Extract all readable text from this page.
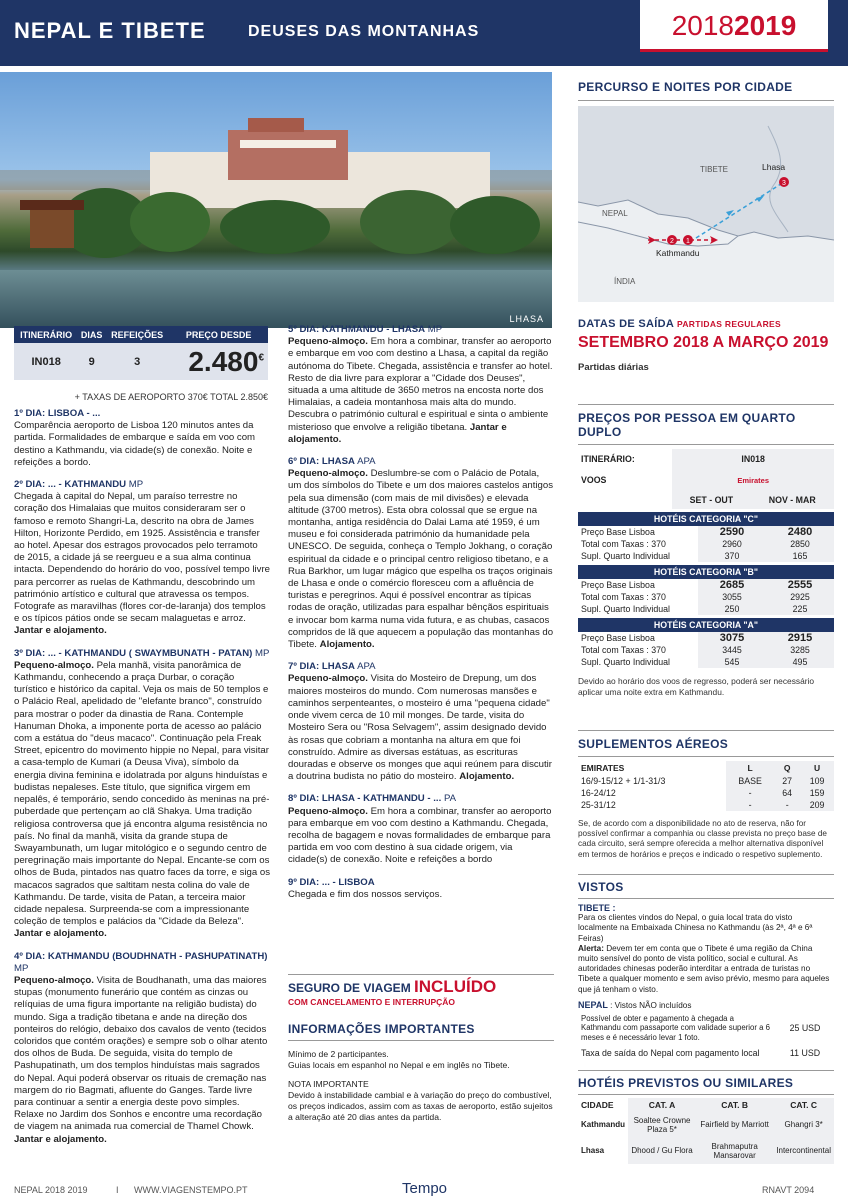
NEPAL E TIBETE	DEUSES DAS MONTANHAS	20182019
LHASA
ITINERÁRIO	DIAS	REFEIÇÕES	PREÇO DESDE
IN018	9	3	2.480€
+ TAXAS DE AEROPORTO 370€ TOTAL 2.850€

1º DIA: LISBOA - ...
Comparência aeroporto de Lisboa 120 minutos antes da partida. Formalidades de embarque e saída em voo com destino a Kathmandu, via cidade(s) de conexão. Noite e refeições a bordo.

2º DIA: ... - KATHMANDU MP
Chegada à capital do Nepal, um paraíso terrestre no coração dos Himalaias que muitos consideraram ser o famoso e remoto Shangri-La, descrito na obra de James Hilton, Horizonte Perdido, em 1925. Assistência e transfer ao hotel. Apesar dos estragos provocados pelo terramoto de 2015, a cidade já se reergueu e a sua alma continua intacta. Dependendo do horário do voo, possível tempo livre para percorrer as ruelas de Kathmandu, descobrindo um património artístico e cultural que atravessa os tempos. Fotografe as maravilhas (flores cor-de-laranja) dos templos e os típicos pátios onde se secam malaguetas e arroz. Jantar e alojamento.

3º DIA: ... - KATHMANDU ( SWAYMBUNATH - PATAN) MP
Pequeno-almoço. Pela manhã, visita panorâmica de Kathmandu, conhecendo a praça Durbar, o coração turístico e histórico da capital. Veja os mais de 50 templos e o Palácio Real, apelidado de "elefante branco", construído para mostrar o poder da dinastia de Rana. Contemple Hanuman Dhoka, a imponente porta de acesso ao palácio com a estátua do "deus macaco". Continuação pela Freak Street, epicentro do movimento hippie no Nepal, para visitar a casa-templo de Kumari (a Deusa Viva), símbolo da energia divina feminina e idolatrada por alguns hinduístas e budistas nepaleses. Este título, que significa virgem em nepalês, é temporário, sendo concedido às meninas na pré-puberdade que pertençam ao clã Shakya. Uma tradição religiosa controversa que já encontra alguma resistência no país. No final da manhã, visita da grande stupa de Swayambunath, um lugar mitológico e o segundo centro de peregrinação mais importante do Nepal. Encante-se com os olhos de Buda, pintados nas quatro faces da torre, e siga os macacos sagrados que saltitam nesta colina do vale de Kathmandu. De tarde, visita de Patan, a terceira maior cidade nepalesa. Surpreenda-se com a impressionante coleção de templos e palácios da "Cidade da Beleza". Jantar e alojamento.

4º DIA: KATHMANDU (BOUDHNATH - PASHUPATINATH) MP
Pequeno-almoço. Visita de Boudhanath, uma das maiores stupas (monumento funerário que contém as cinzas ou relíquias de uma figura importante na religião budista) do mundo. Siga a tradição tibetana e ande na direção dos ponteiros do relógio, debaixo dos cavalos de vento (tecidos coloridos que contém orações) e sempre sob o olhar atento dos olhos de Buda. De seguida, visita do templo de Pashupatinath, um dos templos hinduístas mais sagrados do Nepal. Aqui poderá observar os rituais de cremação nas margem do rio Bagmati, afluente do Ganges. Tarde livre para continuar a sentir a energia deste povo simples. Relaxe no Jardim dos Sonhos e encontre uma recordação de viagem na animada rua comercial de Thamel Chowk. Jantar e alojamento.

5º DIA: KATHMANDU - LHASA MP
Pequeno-almoço. Em hora a combinar, transfer ao aeroporto e embarque em voo com destino a Lhasa, a capital da região autónoma do Tibete. Chegada, assistência e transfer ao hotel. Resto de dia livre para explorar a "Cidade dos Deuses", situada a uma altitude de 3650 metros na encosta norte dos Himalaias, a cadeia montanhosa mais alta do mundo. Descubra o património cultural e espiritual e sinta o ambiente misterioso que envolve a religião tibetana. Jantar e alojamento.

6º DIA: LHASA APA
Pequeno-almoço. Deslumbre-se com o Palácio de Potala, um dos símbolos do Tibete e um dos maiores castelos antigos pela sua dimensão (com mais de mil divisões) e elevada altitude (3700 metros). Esta obra colossal que se ergue na montanha, antiga residência do Dalai Lama até 1959, é um museu e foi considerada património da humanidade pela UNESCO. De seguida, conheça o Templo Jokhang, o coração espiritual da cidade e o principal centro religioso tibetano, e a Rua Barkhor, um lugar mágico que espelha os traços originais de Lhasa e onde o comércio floresceu com a afluência de turistas e peregrinos. Aqui é possível encontrar as típicas rodas de oração, utilizadas para espalhar bênçãos espirituais e invocar bom karma numa vida futura, e as chubas, casacos compridos de lã que aquecem a população das montanhas do Tibete. Alojamento.

7º DIA: LHASA APA
Pequeno-almoço. Visita do Mosteiro de Drepung, um dos maiores mosteiros do mundo. Com numerosas mansões e caminhos serpenteantes, o mosteiro é uma "pequena cidade" onde vivem cerca de 10 mil monges. De tarde, visita do Mosteiro Sera ou "Rosa Selvagem", assim designado devido às rosas que cobriam a montanha na altura em que foi construído. Admire as diversas estátuas, as escrituras douradas e observe os monges que aqui reúnem para discutir a doutrina budista no pátio do mosteiro. Alojamento.

8º DIA: LHASA - KATHMANDU - ... PA
Pequeno-almoço. Em hora a combinar, transfer ao aeroporto para embarque em voo com destino a Kathmandu. Chegada, recolha de bagagem e novas formalidades de embarque para partida em voo com destino à sua cidade origem, via cidade(s) de conexão. Noite e refeições a bordo

9º DIA: ... - LISBOA
Chegada e fim dos nossos serviços.

SEGURO DE VIAGEM INCLUÍDO
COM CANCELAMENTO E INTERRUPÇÃO
INFORMAÇÕES IMPORTANTES
Mínimo de 2 participantes.
Guias locais em espanhol no Nepal e em inglês no Tibete.
NOTA IMPORTANTE
Devido à instabilidade cambial e à variação do preço do combustível, os preços indicados, assim com as taxas de aeroporto, estão sujeitos a alteração até 20 dias antes da partida.
PERCURSO E NOITES POR CIDADE
2 1
3
TIBETE
NEPAL
ÍNDIA
Lhasa
Kathmandu
DATAS DE SAÍDA PARTIDAS REGULARES
SETEMBRO 2018 A MARÇO 2019
Partidas diárias
PREÇOS POR PESSOA EM QUARTO DUPLO
ITINERÁRIO:	IN018	
VOOS	Emirates	
	SET - OUT	NOV - MAR
HOTÉIS CATEGORIA "C"		
Preço Base Lisboa	2590	2480
Total com Taxas : 370	2960	2850
Supl. Quarto Individual	370	165
HOTÉIS CATEGORIA "B"		
Preço Base Lisboa	2685	2555
Total com Taxas : 370	3055	2925
Supl. Quarto Individual	250	225
HOTÉIS CATEGORIA "A"		
Preço Base Lisboa	3075	2915
Total com Taxas : 370	3445	3285
Supl. Quarto Individual	545	495
Devido ao horário dos voos de regresso, poderá ser necessário aplicar uma noite extra em Kathmandu.
SUPLEMENTOS AÉREOS
EMIRATES	L	Q	U
16/9-15/12 + 1/1-31/3	BASE	27	109
16-24/12	-	64	159
25-31/12	-	-	209
Se, de acordo com a disponibilidade no ato de reserva, não for possível confirmar a companhia ou classe prevista no preço base de cada circuito, será sempre oferecida a melhor alternativa disponível em termos de horários e preços e indicado o respetivo suplemento.
VISTOS
TIBETE :
Para os clientes vindos do Nepal, o guia local trata do visto localmente na Embaixada Chinesa no Kathmandu (às 2ª, 4ª e 6ª Feiras)
Alerta: Devem ter em conta que o Tibete é uma região da China muito sensível do ponto de vista político, social e cultural. As autoridades chinesas poderão interditar a entrada de turistas no Tibete a qualquer momento e sem aviso prévio, mesmo para aqueles que já tenham o visto.
NEPAL : Vistos NÃO incluídos
Possível de obter e pagamento à chegada a Kathmandu com passaporte com validade superior a 6 meses e é necessário levar 1 foto.	25 USD
Taxa de saída do Nepal com pagamento local	11 USD
HOTÉIS PREVISTOS OU SIMILARES
CIDADE	CAT. A	CAT. B	CAT. C
Kathmandu	Soaltee Crowne Plaza 5*	Fairfield by Marriott	Ghangri 3*
Lhasa	Dhood / Gu Flora	Brahmaputra Mansarovar	Intercontinental
NEPAL 2018 2019	I WWW.VIAGENSTEMPO.PT	Tempo	RNAVT 2094
